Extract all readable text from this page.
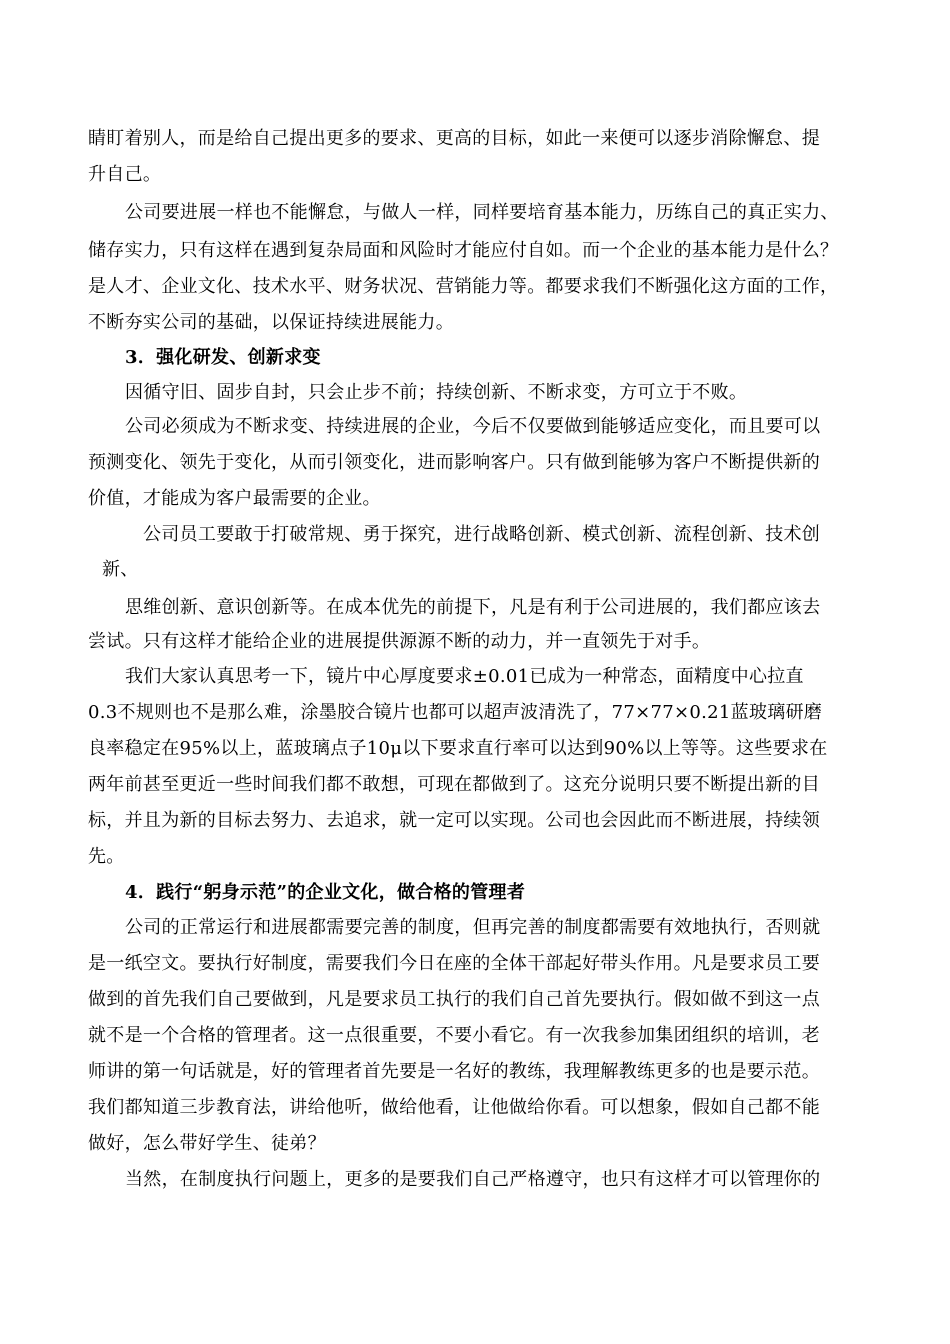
睛盯着别人，而是给自己提出更多的要求、更高的目标，如此一来便可以逐步消除懈怠、提
升自己。
公司要进展一样也不能懈怠，与做人一样，同样要培育基本能力，历练自己的真正实力、
储存实力，只有这样在遇到复杂局面和风险时才能应付自如。而一个企业的基本能力是什么？
是人才、企业文化、技术水平、财务状况、营销能力等。都要求我们不断强化这方面的工作，
不断夯实公司的基础，以保证持续进展能力。
3．强化研发、创新求变
因循守旧、固步自封，只会止步不前；持续创新、不断求变，方可立于不败。
公司必须成为不断求变、持续进展的企业，今后不仅要做到能够适应变化，而且要可以
预测变化、领先于变化，从而引领变化，进而影响客户。只有做到能够为客户不断提供新的
价值，才能成为客户最需要的企业。
公司员工要敢于打破常规、勇于探究，进行战略创新、模式创新、流程创新、技术创
新、
思维创新、意识创新等。在成本优先的前提下，凡是有利于公司进展的，我们都应该去
尝试。只有这样才能给企业的进展提供源源不断的动力，并一直领先于对手。
我们大家认真思考一下，镜片中心厚度要求±0.01已成为一种常态，面精度中心拉直
0.3不规则也不是那么难，涂墨胶合镜片也都可以超声波清洗了，77×77×0.21蓝玻璃研磨
良率稳定在95%以上，蓝玻璃点子10μ以下要求直行率可以达到90%以上等等。这些要求在
两年前甚至更近一些时间我们都不敢想，可现在都做到了。这充分说明只要不断提出新的目
标，并且为新的目标去努力、去追求，就一定可以实现。公司也会因此而不断进展，持续领
先。
4．践行“躬身示范”的企业文化，做合格的管理者
公司的正常运行和进展都需要完善的制度，但再完善的制度都需要有效地执行，否则就
是一纸空文。要执行好制度，需要我们今日在座的全体干部起好带头作用。凡是要求员工要
做到的首先我们自己要做到，凡是要求员工执行的我们自己首先要执行。假如做不到这一点
就不是一个合格的管理者。这一点很重要，不要小看它。有一次我参加集团组织的培训，老
师讲的第一句话就是，好的管理者首先要是一名好的教练，我理解教练更多的也是要示范。
我们都知道三步教育法，讲给他听，做给他看，让他做给你看。可以想象，假如自己都不能
做好，怎么带好学生、徒弟？
当然，在制度执行问题上，更多的是要我们自己严格遵守，也只有这样才可以管理你的
